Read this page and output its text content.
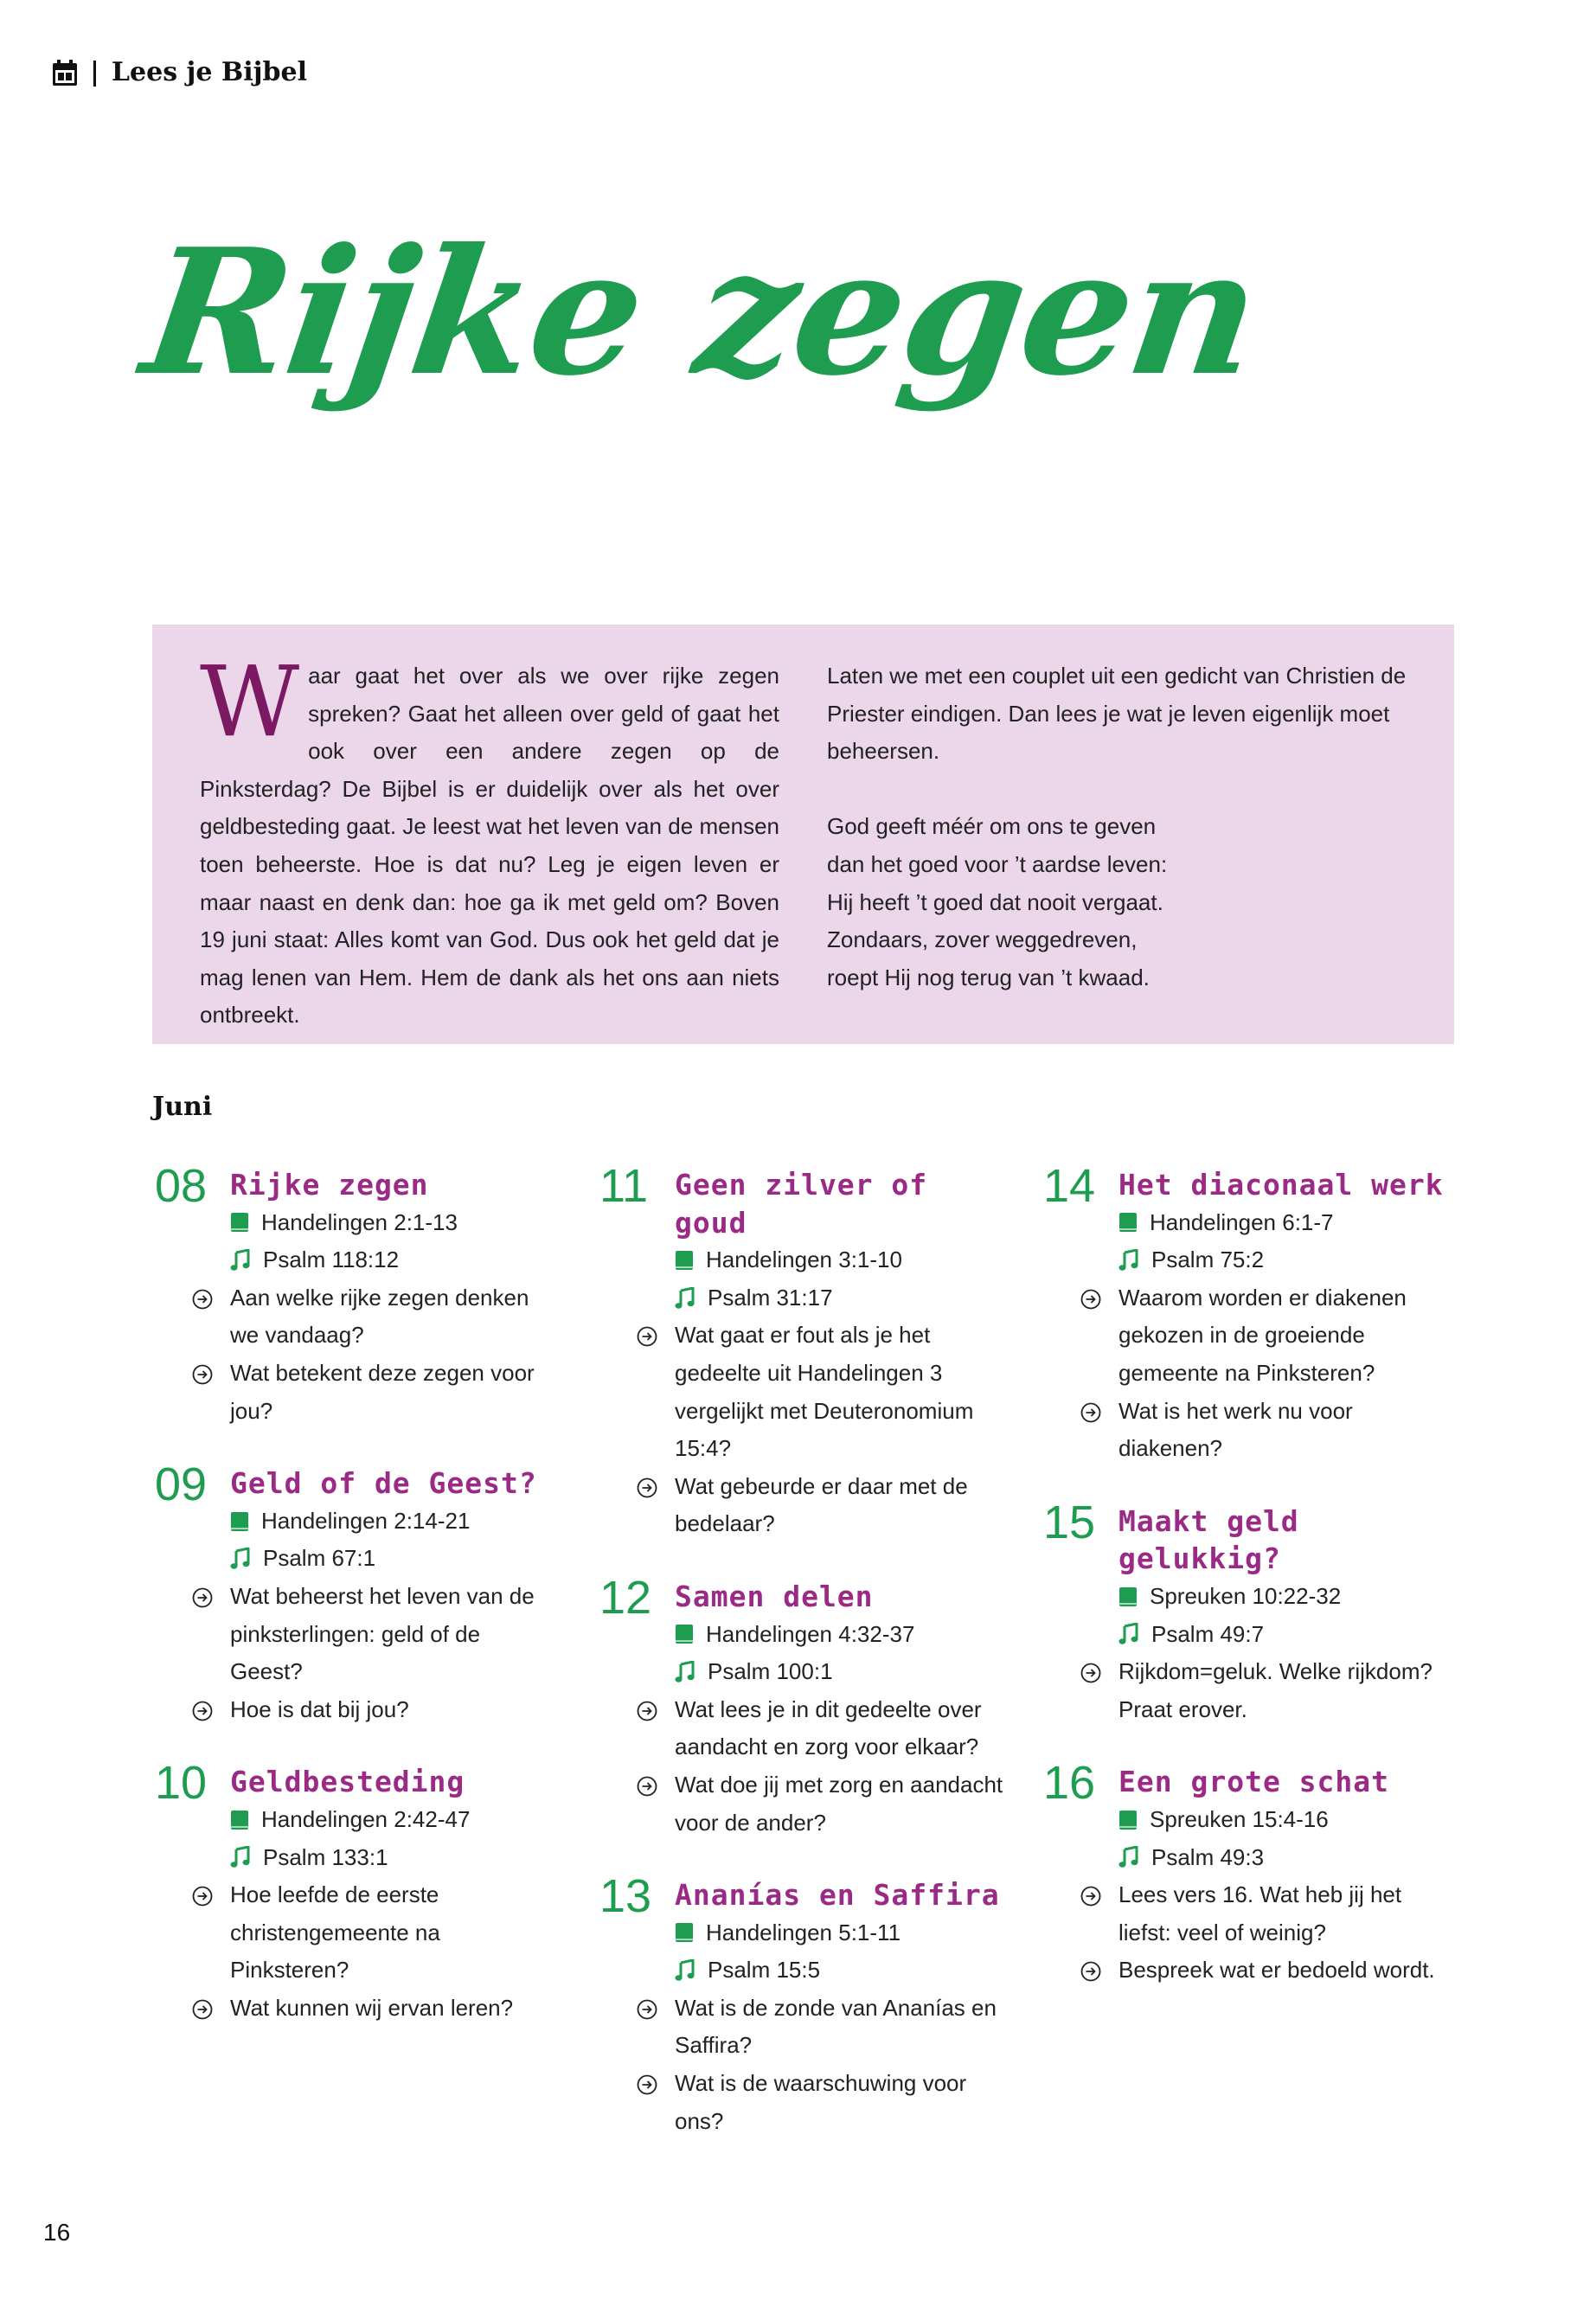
| Lees je Bijbel
Rijke zegen
Waar gaat het over als we over rijke zegen spreken? Gaat het alleen over geld of gaat het ook over een andere zegen op de Pinksterdag? De Bijbel is er duidelijk over als het over geldbesteding gaat. Je leest wat het leven van de mensen toen beheerste. Hoe is dat nu? Leg je eigen leven er maar naast en denk dan: hoe ga ik met geld om? Boven 19 juni staat: Alles komt van God. Dus ook het geld dat je mag lenen van Hem. Hem de dank als het ons aan niets ontbreekt.

Laten we met een couplet uit een gedicht van Christien de Priester eindigen. Dan lees je wat je leven eigenlijk moet beheersen.

God geeft méér om ons te geven
dan het goed voor ’t aardse leven:
Hij heeft ’t goed dat nooit vergaat.
Zondaars, zover weggedreven,
roept Hij nog terug van ’t kwaad.

Juni
08 Rijke zegen
Handelingen 2:1-13
Psalm 118:12
Aan welke rijke zegen denken we vandaag?
Wat betekent deze zegen voor jou?
09 Geld of de Geest?
Handelingen 2:14-21
Psalm 67:1
Wat beheerst het leven van de pinksterlingen: geld of de Geest?
Hoe is dat bij jou?
10 Geldbesteding
Handelingen 2:42-47
Psalm 133:1
Hoe leefde de eerste christengemeente na Pinksteren?
Wat kunnen wij ervan leren?
11 Geen zilver of goud
Handelingen 3:1-10
Psalm 31:17
Wat gaat er fout als je het gedeelte uit Handelingen 3 vergelijkt met Deuteronomium 15:4?
Wat gebeurde er daar met de bedelaar?
12 Samen delen
Handelingen 4:32-37
Psalm 100:1
Wat lees je in dit gedeelte over aandacht en zorg voor elkaar?
Wat doe jij met zorg en aandacht voor de ander?
13 Ananías en Saffira
Handelingen 5:1-11
Psalm 15:5
Wat is de zonde van Ananías en Saffira?
Wat is de waarschuwing voor ons?
14 Het diaconaal werk
Handelingen 6:1-7
Psalm 75:2
Waarom worden er diakenen gekozen in de groeiende gemeente na Pinksteren?
Wat is het werk nu voor diakenen?
15 Maakt geld gelukkig?
Spreuken 10:22-32
Psalm 49:7
Rijkdom=geluk. Welke rijkdom? Praat erover.
16 Een grote schat
Spreuken 15:4-16
Psalm 49:3
Lees vers 16. Wat heb jij het liefst: veel of weinig?
Bespreek wat er bedoeld wordt.
16
